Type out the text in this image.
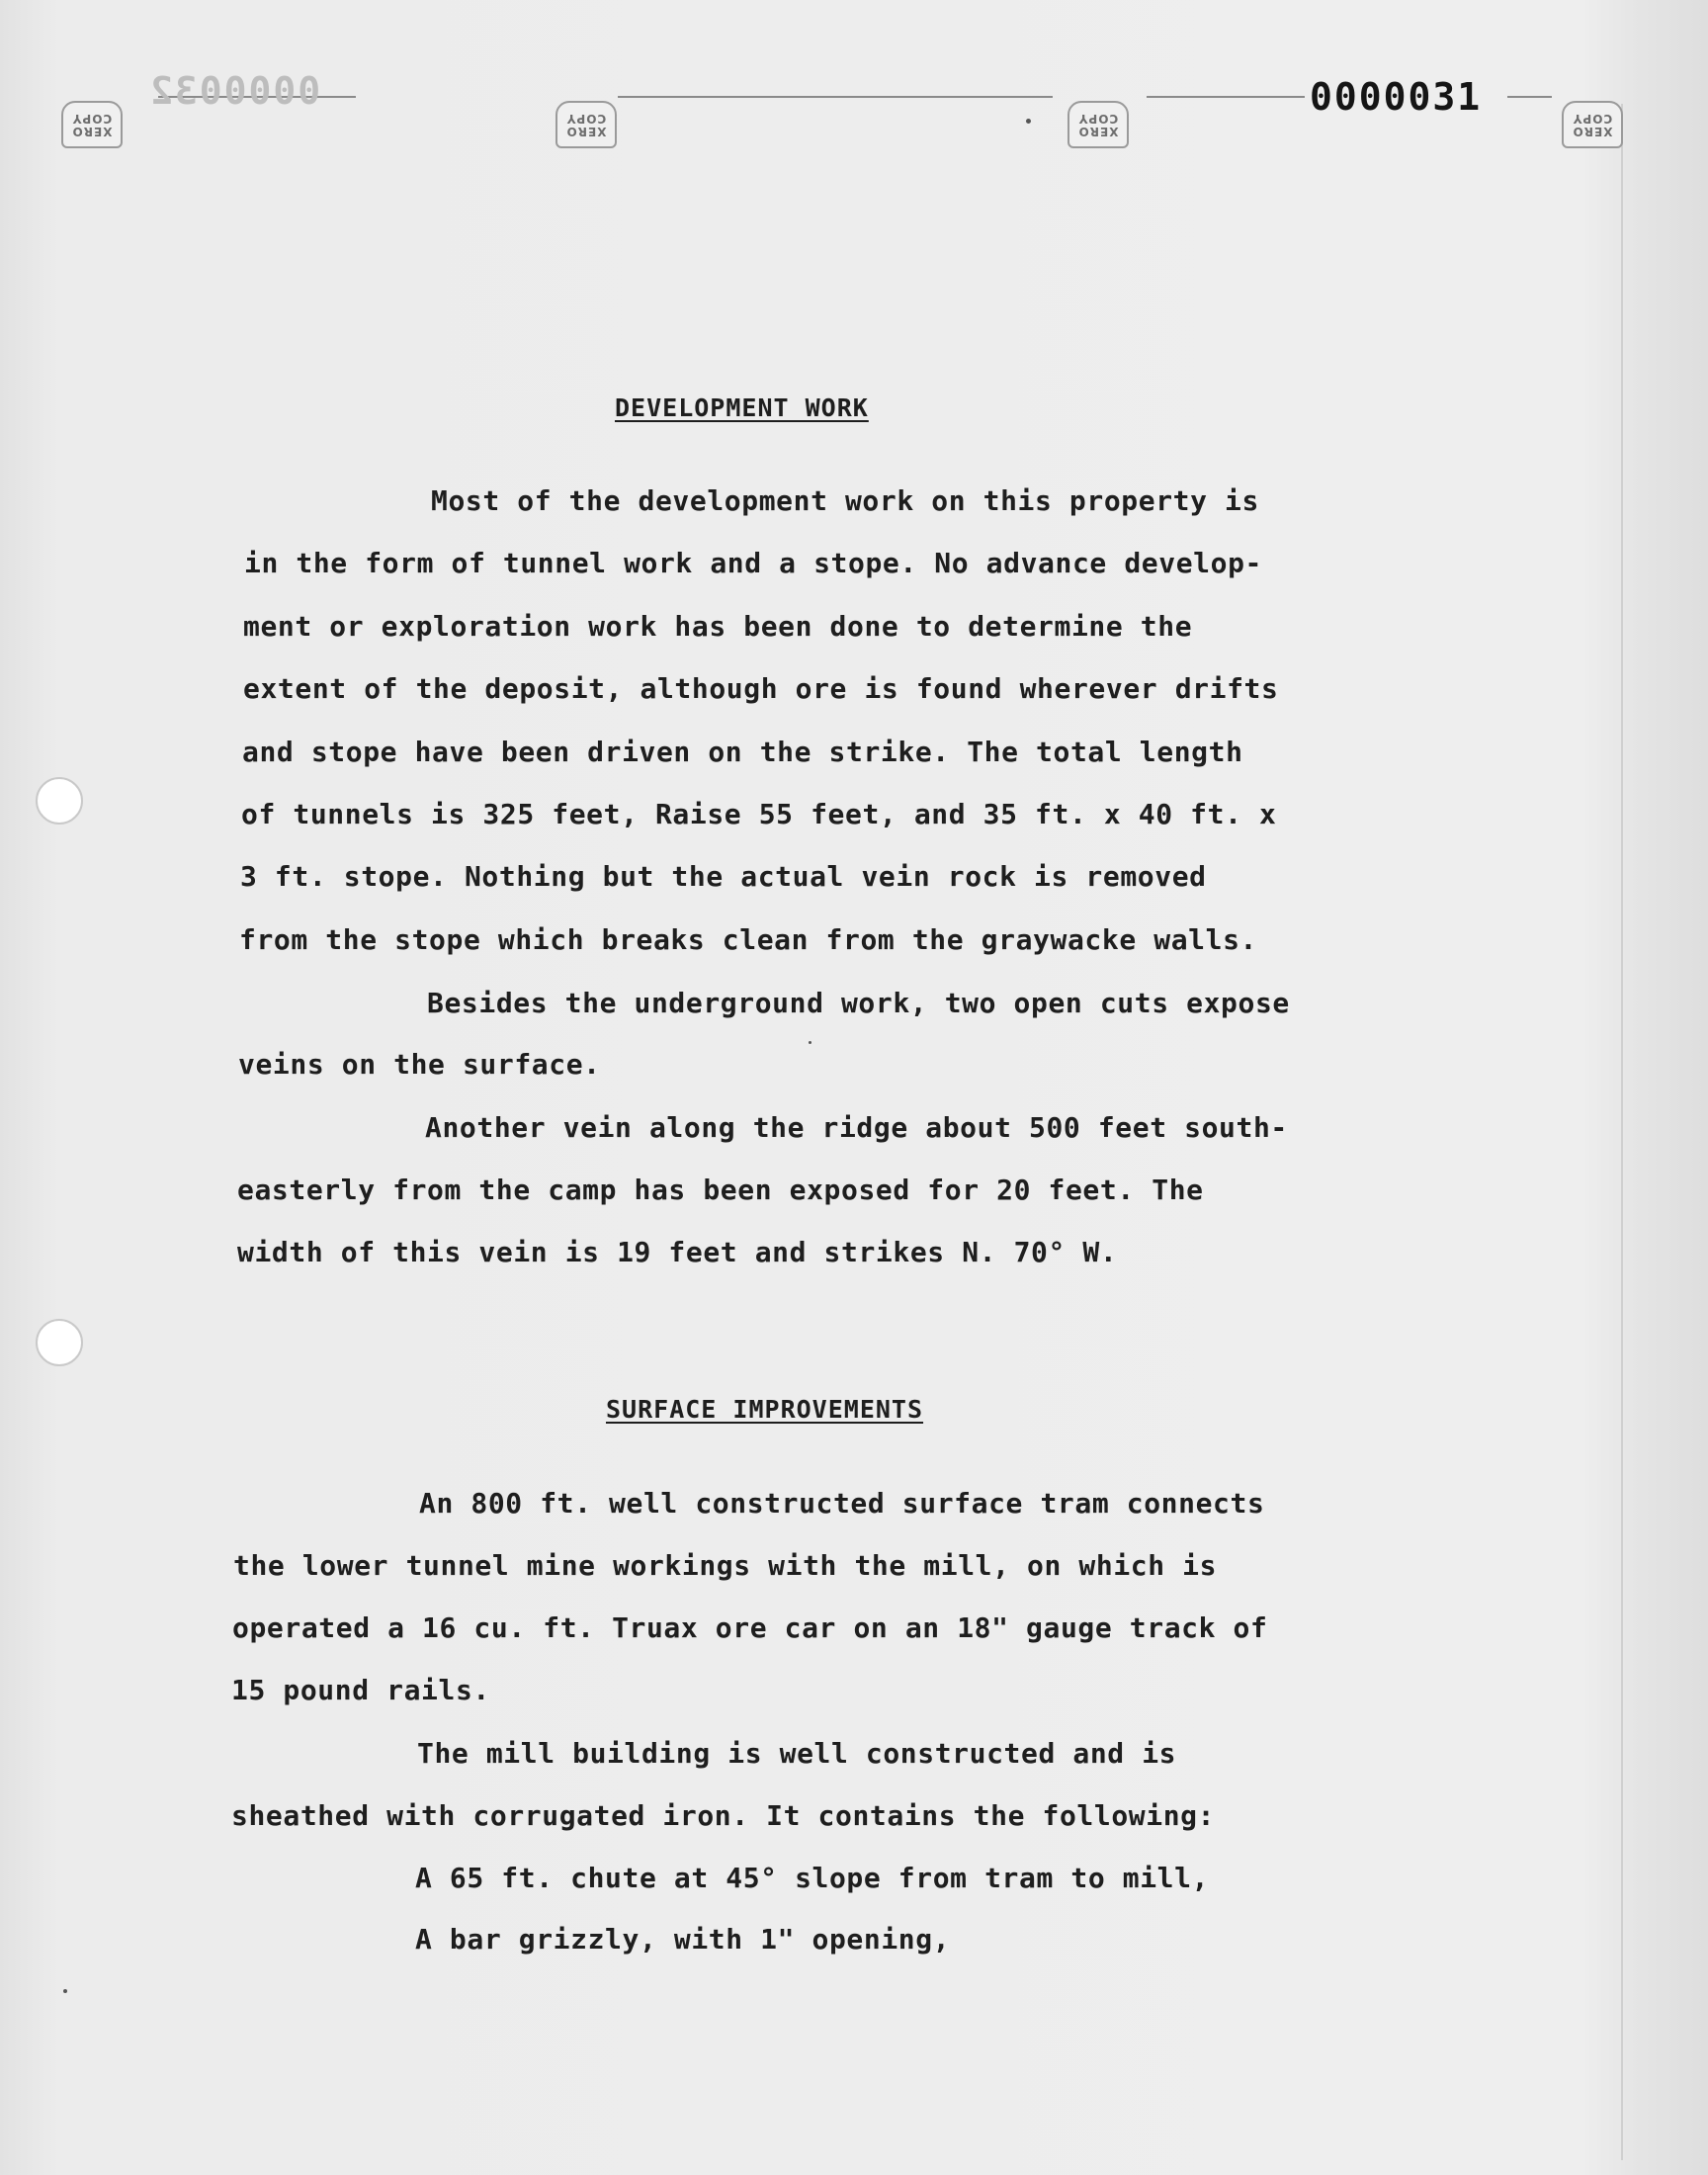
0000032	0000031
XERO
COPY
XERO
COPY
XERO
COPY
XERO
COPY
DEVELOPMENT WORK
Most of the development work on this property is
in the form of tunnel work and a stope. No advance develop-
ment or exploration work has been done to determine the
extent of the deposit, although ore is found wherever drifts
and stope have been driven on the strike. The total length
of tunnels is 325 feet, Raise 55 feet, and 35 ft. x 40 ft. x
3 ft. stope. Nothing but the actual vein rock is removed
from the stope which breaks clean from the graywacke walls.
Besides the underground work, two open cuts expose
veins on the surface.
Another vein along the ridge about 500 feet south-
easterly from the camp has been exposed for 20 feet. The
width of this vein is 19 feet and strikes N. 70° W.
SURFACE IMPROVEMENTS
An 800 ft. well constructed surface tram connects
the lower tunnel mine workings with the mill, on which is
operated a 16 cu. ft. Truax ore car on an 18" gauge track of
15 pound rails.
The mill building is well constructed and is
sheathed with corrugated iron. It contains the following:
A 65 ft. chute at 45° slope from tram to mill,
A bar grizzly, with 1" opening,
